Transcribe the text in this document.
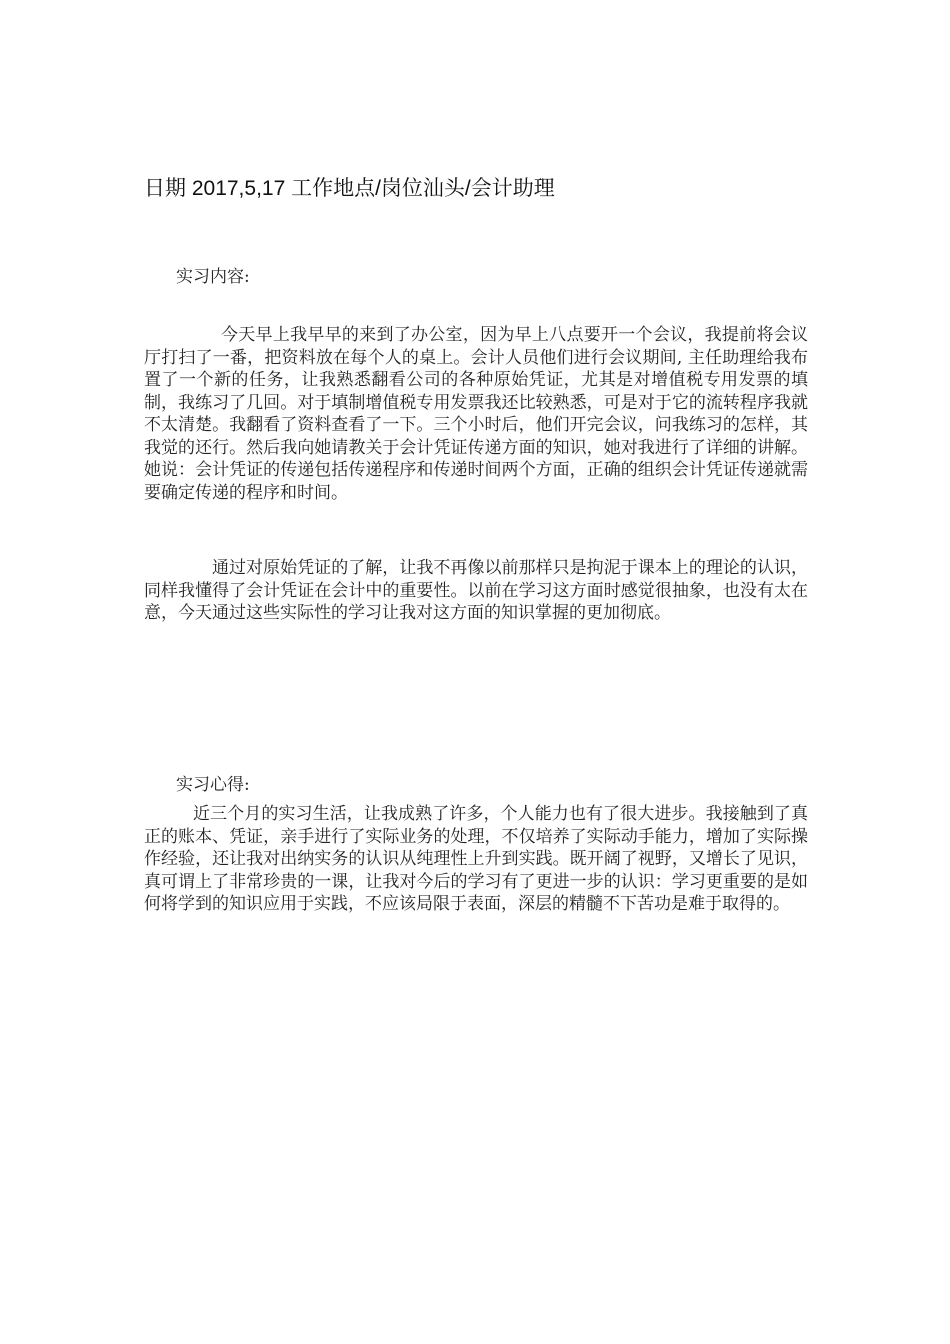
日期 2017,5,17 工作地点/岗位汕头/会计助理
实习内容:

今天早上我早早的来到了办公室，因为早上八点要开一个会议，我提前将会议厅打扫了一番，把资料放在每个人的桌上。会计人员他们进行会议期间, 主任助理给我布置了一个新的任务，让我熟悉翻看公司的各种原始凭证，尤其是对增值税专用发票的填制，我练习了几回。对于填制增值税专用发票我还比较熟悉，可是对于它的流转程序我就不太清楚。我翻看了资料查看了一下。三个小时后，他们开完会议，问我练习的怎样，其我觉的还行。然后我向她请教关于会计凭证传递方面的知识，她对我进行了详细的讲解。她说：会计凭证的传递包括传递程序和传递时间两个方面，正确的组织会计凭证传递就需要确定传递的程序和时间。

通过对原始凭证的了解，让我不再像以前那样只是拘泥于课本上的理论的认识，同样我懂得了会计凭证在会计中的重要性。以前在学习这方面时感觉很抽象，也没有太在意，今天通过这些实际性的学习让我对这方面的知识掌握的更加彻底。

实习心得:

近三个月的实习生活，让我成熟了许多，个人能力也有了很大进步。我接触到了真正的账本、凭证，亲手进行了实际业务的处理，不仅培养了实际动手能力，增加了实际操作经验，还让我对出纳实务的认识从纯理性上升到实践。既开阔了视野，又增长了见识，真可谓上了非常珍贵的一课，让我对今后的学习有了更进一步的认识：学习更重要的是如何将学到的知识应用于实践，不应该局限于表面，深层的精髓不下苦功是难于取得的。
